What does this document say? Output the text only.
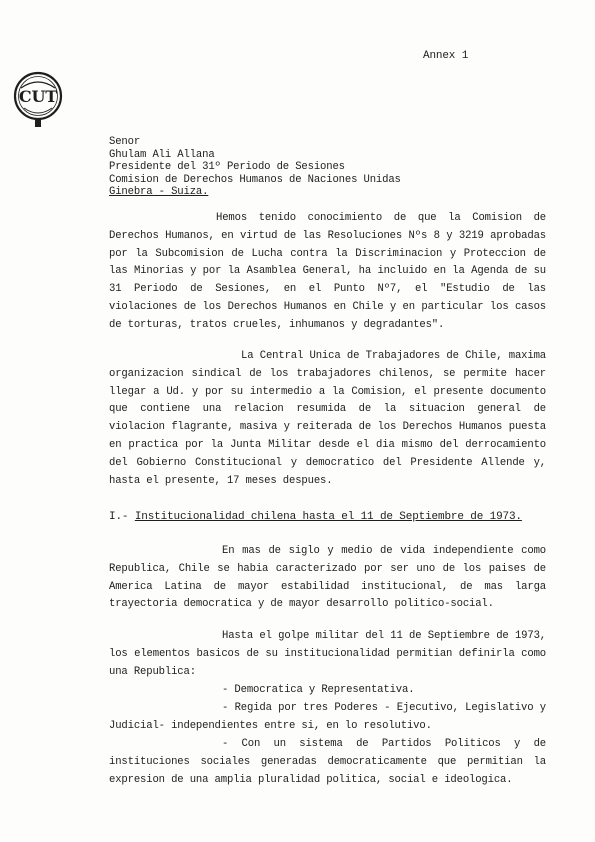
Annex 1
CUT
Senor
Ghulam Ali Allana
Presidente del 31º Periodo de Sesiones
Comision de Derechos Humanos de Naciones Unidas
Ginebra - Suiza.
Hemos tenido conocimiento de que la Comision de Derechos Humanos, en virtud de las Resoluciones Nºs 8 y 3219 aprobadas por la Subcomision de Lucha contra la Discriminacion y Proteccion de las Minorias y por la Asamblea General, ha incluido en la Agenda de su 31 Periodo de Sesiones, en el Punto Nº7, el "Estudio de las violaciones de los Derechos Humanos en Chile y en particular los casos de torturas, tratos crueles, inhumanos y degradantes".
La Central Unica de Trabajadores de Chile, maxima organizacion sindical de los trabajadores chilenos, se permite hacer llegar a Ud. y por su intermedio a la Comision, el presente documento que contiene una relacion resumida de la situacion general de violacion flagrante, masiva y reiterada de los Derechos Humanos puesta en practica por la Junta Militar desde el dia mismo del derrocamiento del Gobierno Constitucional y democratico del Presidente Allende y, hasta el presente, 17 meses despues.
I.- Institucionalidad chilena hasta el 11 de Septiembre de 1973.
En mas de siglo y medio de vida independiente como Republica, Chile se habia caracterizado por ser uno de los paises de America Latina de mayor estabilidad institucional, de mas larga trayectoria democratica y de mayor desarrollo politico-social.
Hasta el golpe militar del 11 de Septiembre de 1973, los elementos basicos de su institucionalidad permitian definirla como una Republica:
- Democratica y Representativa.
- Regida por tres Poderes - Ejecutivo, Legislativo y Judicial- independientes entre si, en lo resolutivo.
- Con un sistema de Partidos Politicos y de instituciones sociales generadas democraticamente que permitian la expresion de una amplia pluralidad politica, social e ideologica.
